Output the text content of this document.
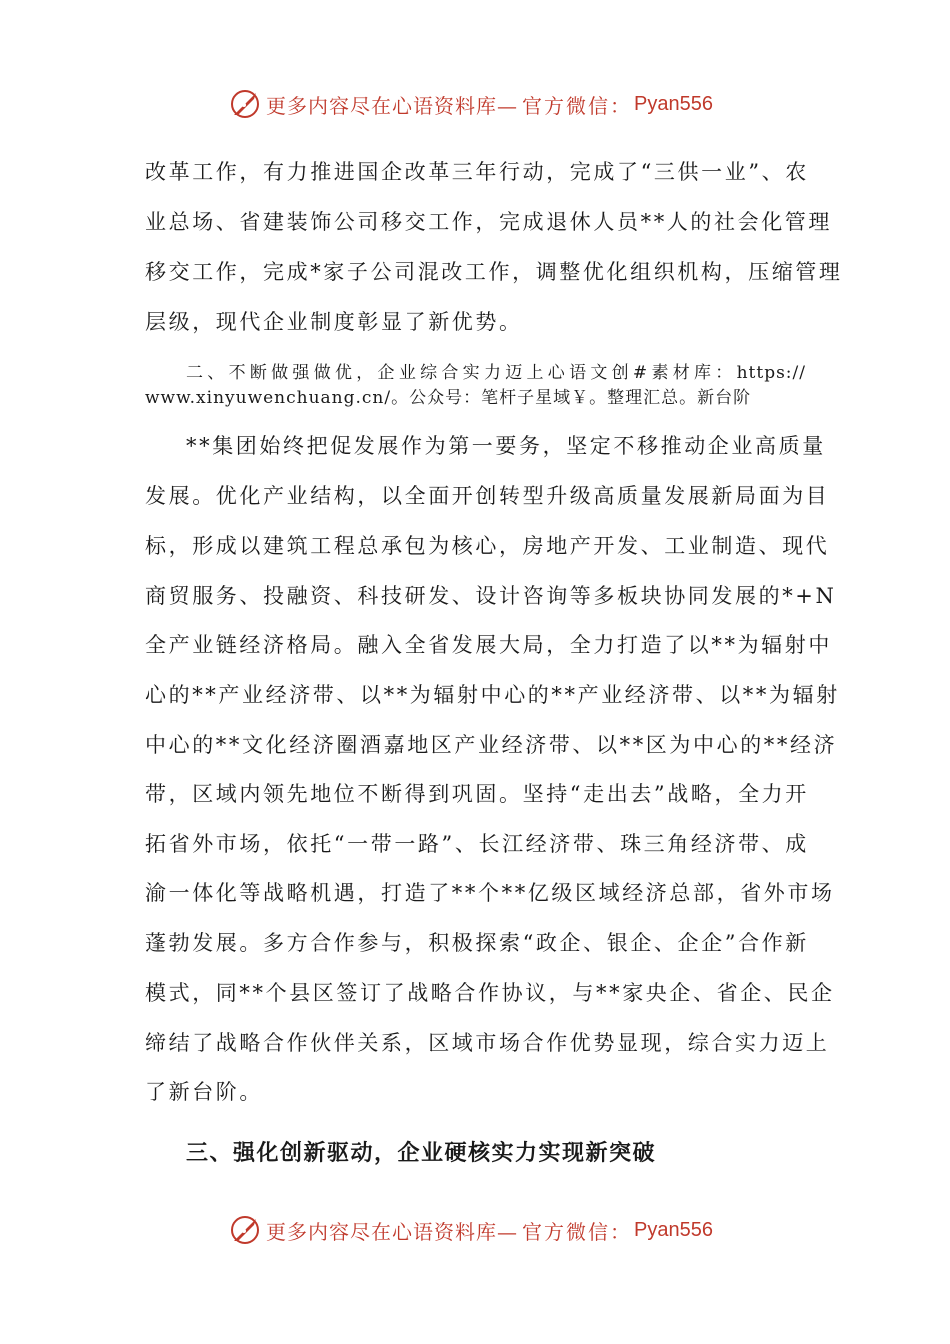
更多内容尽在心语资料库— 官方微信： Pyan556
改革工作，有力推进国企改革三年行动，完成了“三供一业”、农
业总场、省建装饰公司移交工作，完成退休人员**人的社会化管理
移交工作，完成*家子公司混改工作，调整优化组织机构，压缩管理
层级，现代企业制度彰显了新优势。
二、不断做强做优，企业综合实力迈上心语文创#素材库：https://
www.xinyuwenchuang.cn/。公众号：笔杆子星域￥。整理汇总。新台阶
**集团始终把促发展作为第一要务，坚定不移推动企业高质量
发展。优化产业结构，以全面开创转型升级高质量发展新局面为目
标，形成以建筑工程总承包为核心，房地产开发、工业制造、现代
商贸服务、投融资、科技研发、设计咨询等多板块协同发展的*+N
全产业链经济格局。融入全省发展大局，全力打造了以**为辐射中
心的**产业经济带、以**为辐射中心的**产业经济带、以**为辐射
中心的**文化经济圈酒嘉地区产业经济带、以**区为中心的**经济
带，区域内领先地位不断得到巩固。坚持“走出去”战略，全力开
拓省外市场，依托“一带一路”、长江经济带、珠三角经济带、成
渝一体化等战略机遇，打造了**个**亿级区域经济总部，省外市场
蓬勃发展。多方合作参与，积极探索“政企、银企、企企”合作新
模式，同**个县区签订了战略合作协议，与**家央企、省企、民企
缔结了战略合作伙伴关系，区域市场合作优势显现，综合实力迈上
了新台阶。
三、强化创新驱动，企业硬核实力实现新突破
更多内容尽在心语资料库— 官方微信： Pyan556
